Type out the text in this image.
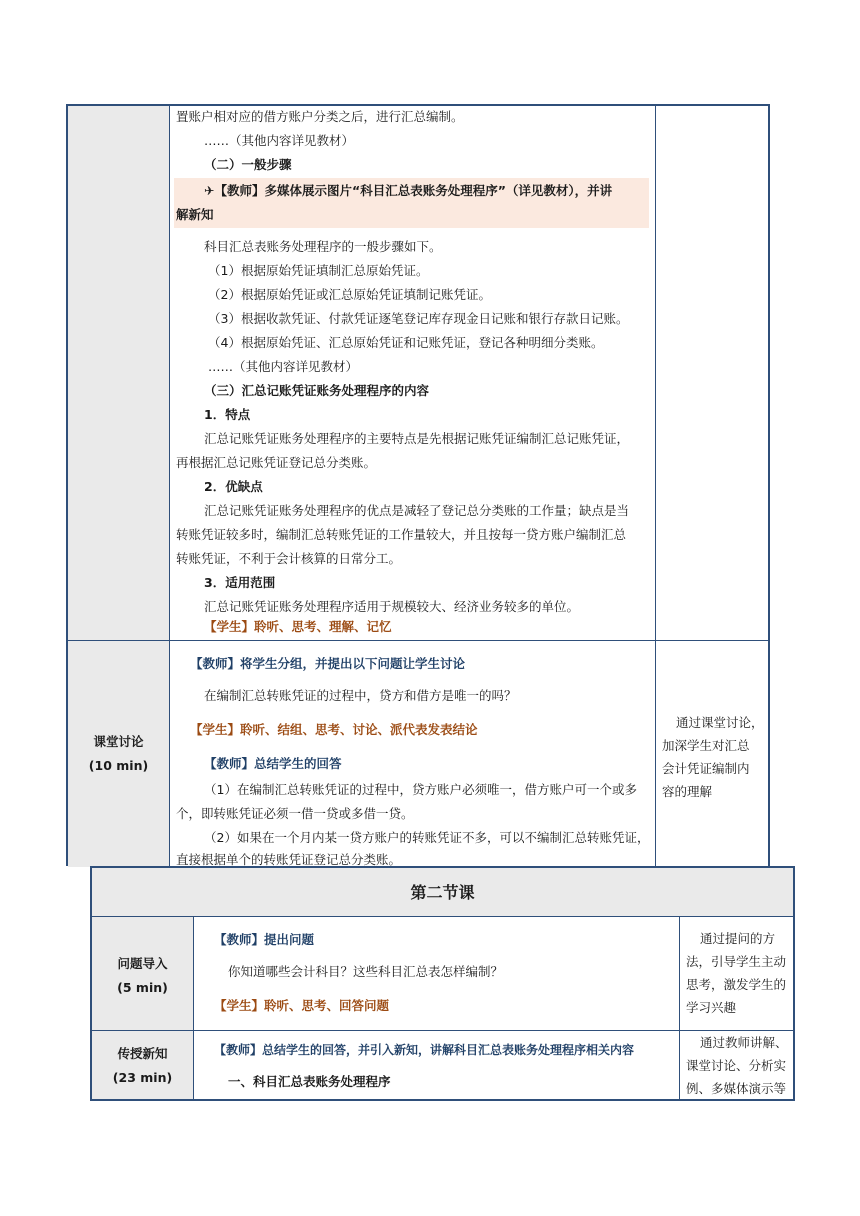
置账户相对应的借方账户分类之后，进行汇总编制。
……（其他内容详见教材）
（二）一般步骤
✈【教师】多媒体展示图片“科目汇总表账务处理程序”（详见教材），并讲
解新知
科目汇总表账务处理程序的一般步骤如下。
（1）根据原始凭证填制汇总原始凭证。
（2）根据原始凭证或汇总原始凭证填制记账凭证。
（3）根据收款凭证、付款凭证逐笔登记库存现金日记账和银行存款日记账。
（4）根据原始凭证、汇总原始凭证和记账凭证，登记各种明细分类账。
……（其他内容详见教材）
（三）汇总记账凭证账务处理程序的内容
1．特点
汇总记账凭证账务处理程序的主要特点是先根据记账凭证编制汇总记账凭证，
再根据汇总记账凭证登记总分类账。
2．优缺点
汇总记账凭证账务处理程序的优点是减轻了登记总分类账的工作量；缺点是当
转账凭证较多时，编制汇总转账凭证的工作量较大，并且按每一贷方账户编制汇总
转账凭证，不利于会计核算的日常分工。
3．适用范围
汇总记账凭证账务处理程序适用于规模较大、经济业务较多的单位。
【学生】聆听、思考、理解、记忆
课堂讨论
(10 min)
【教师】将学生分组，并提出以下问题让学生讨论
在编制汇总转账凭证的过程中，贷方和借方是唯一的吗？
【学生】聆听、结组、思考、讨论、派代表发表结论
【教师】总结学生的回答
（1）在编制汇总转账凭证的过程中，贷方账户必须唯一，借方账户可一个或多
个，即转账凭证必须一借一贷或多借一贷。
（2）如果在一个月内某一贷方账户的转账凭证不多，可以不编制汇总转账凭证，
直接根据单个的转账凭证登记总分类账。
通过课堂讨论，
加深学生对汇总
会计凭证编制内
容的理解
第二节课
问题导入
(5 min)
【教师】提出问题
你知道哪些会计科目？这些科目汇总表怎样编制？
【学生】聆听、思考、回答问题
通过提问的方
法，引导学生主动
思考，激发学生的
学习兴趣
传授新知
(23 min)
【教师】总结学生的回答，并引入新知，讲解科目汇总表账务处理程序相关内容
一、科目汇总表账务处理程序
通过教师讲解、
课堂讨论、分析实
例、多媒体演示等
